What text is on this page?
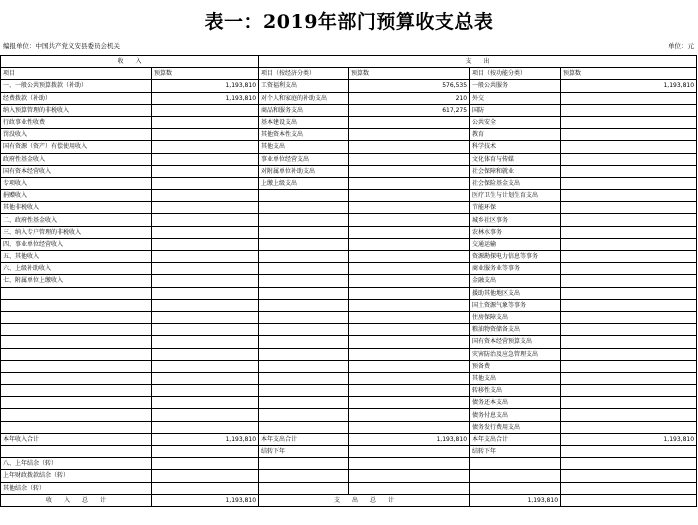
表一：2019年部门预算收支总表
编报单位：中国共产党义安县委员会机关	单位：元
收　　入		支　　出			
项目	预算数	项目（按经济分类）	预算数	项目（按功能分类）	预算数
一、一般公共预算拨款（补助）	1,193,810	工资福利支出	576,535	一般公共服务	1,193,810
经费拨款（补助）	1,193,810	对个人和家庭的补助支出	210	外交	
纳入预算管理的非税收入		商品和服务支出	617,275	国防	
行政事业性收费		基本建设支出		公共安全	
罚没收入		其他资本性支出		教育	
国有资源（资产）有偿使用收入		其他支出		科学技术	
政府性基金收入		事业单位经营支出		文化体育与传媒	
国有资本经营收入		对附属单位补助支出		社会保障和就业	
专项收入		上缴上级支出		社会保险基金支出	
捐赠收入				医疗卫生与计划生育支出	
其他非税收入				节能环保	
二、政府性基金收入				城乡社区事务	
三、纳入专户管理的非税收入				农林水事务	
四、事业单位经营收入				交通运输	
五、其他收入				资源勘探电力信息等事务	
六、上级补助收入				商业服务业等事务	
七、附属单位上缴收入				金融支出	
				援助其他地区支出	
				国土资源气象等事务	
				住房保障支出	
				粮油物资储备支出	
				国有资本经营预算支出	
				灾害防治及应急管理支出	
				预备费	
				其他支出	
				转移性支出	
				债务还本支出	
				债务付息支出	
				债务发行费用支出	
本年收入合计	1,193,810	本年支出合计	1,193,810	本年支出合计	1,193,810
		结转下年		结转下年	
八、上年结余（转）					
上年财政拨款结余（转）					
其他结余（转）					
收　　入　　总　　计	1,193,810	支　　出　　总　　计		1,193,810	
